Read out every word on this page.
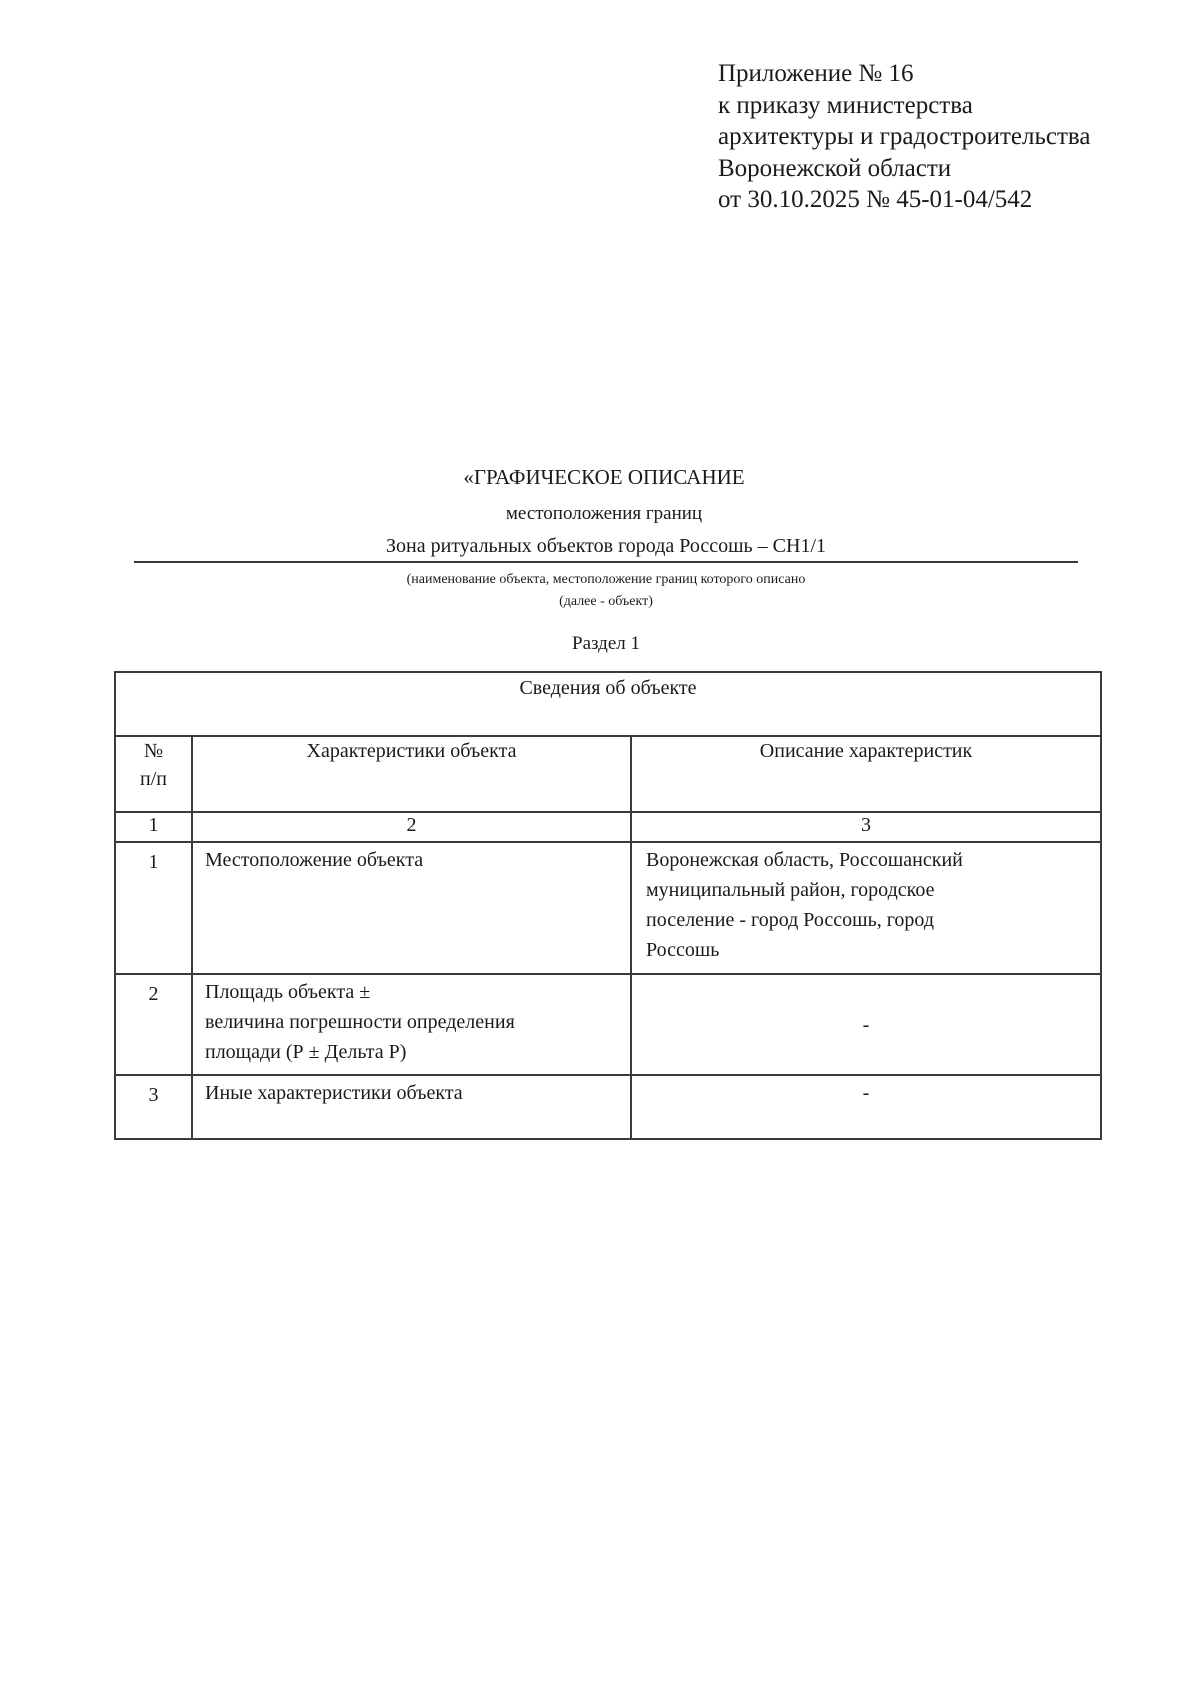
Приложение № 16
к приказу министерства
архитектуры и градостроительства
Воронежской области
от 30.10.2025 № 45-01-04/542
«ГРАФИЧЕСКОЕ ОПИСАНИЕ
местоположения границ
Зона ритуальных объектов города Россошь – СН1/1
(наименование объекта, местоположение границ которого описано
(далее - объект)
Раздел 1
Сведения об объекте		

№
п/п	Характеристики объекта	Описание характеристик
1	2	3
1	Местоположение объекта	Воронежская область, Россошанский
муниципальный район, городское
поселение - город Россошь, город
Россошь

2	Площадь объекта ±
величина погрешности определения
площади (Р ± Дельта Р)	-
3	Иные характеристики объекта	-
